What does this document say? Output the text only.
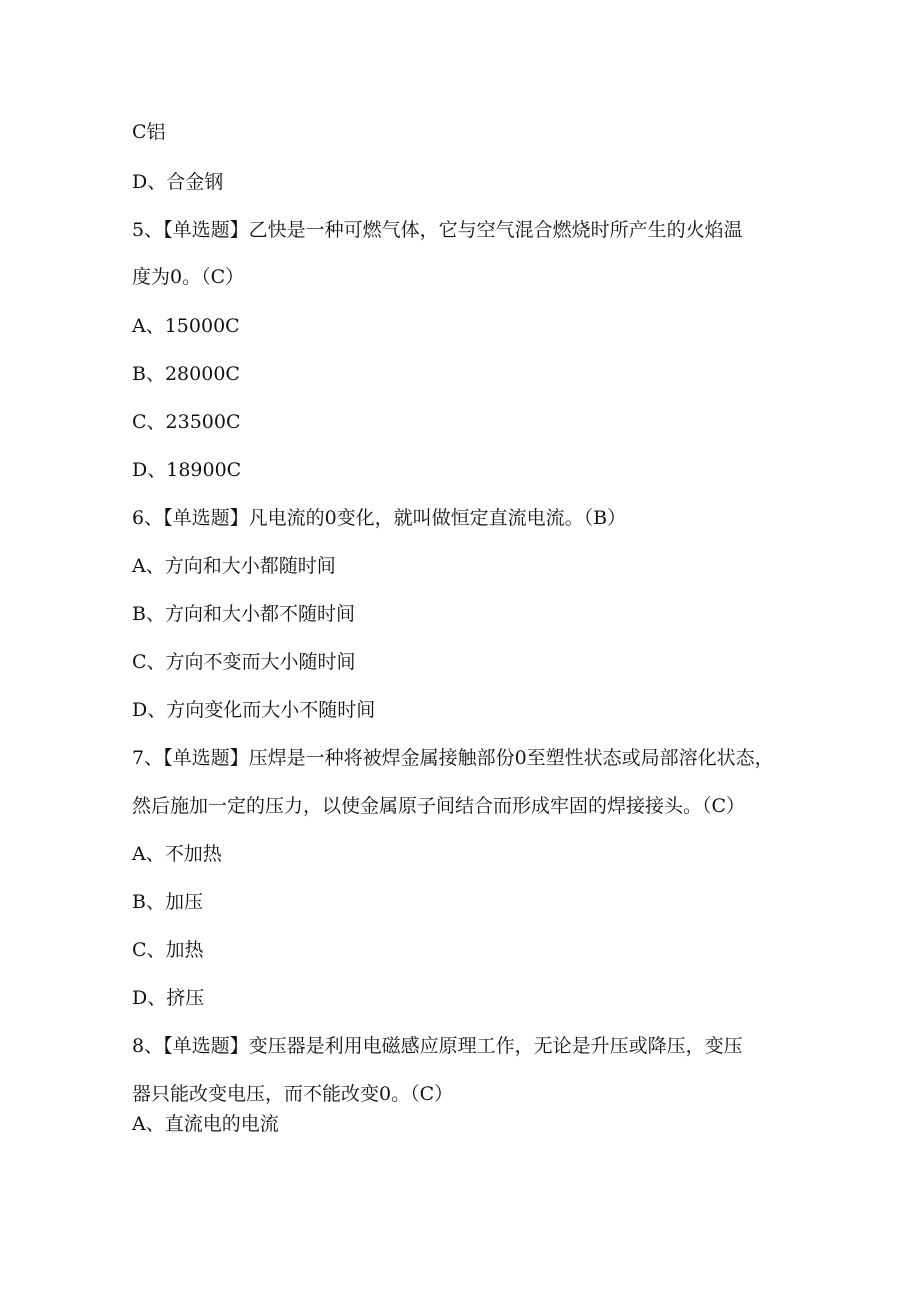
C铝
D、合金钢
5、【单选题】乙快是一种可燃气体，它与空气混合燃烧时所产生的火焰温
度为0。（C）
A、15000C
B、28000C
C、23500C
D、18900C
6、【单选题】凡电流的0变化，就叫做恒定直流电流。（B）
A、方向和大小都随时间
B、方向和大小都不随时间
C、方向不变而大小随时间
D、方向变化而大小不随时间
7、【单选题】压焊是一种将被焊金属接触部份0至塑性状态或局部溶化状态，
然后施加一定的压力，以使金属原子间结合而形成牢固的焊接接头。（C）
A、不加热
B、加压
C、加热
D、挤压
8、【单选题】变压器是利用电磁感应原理工作，无论是升压或降压，变压
器只能改变电压，而不能改变0。（C）
A、直流电的电流
